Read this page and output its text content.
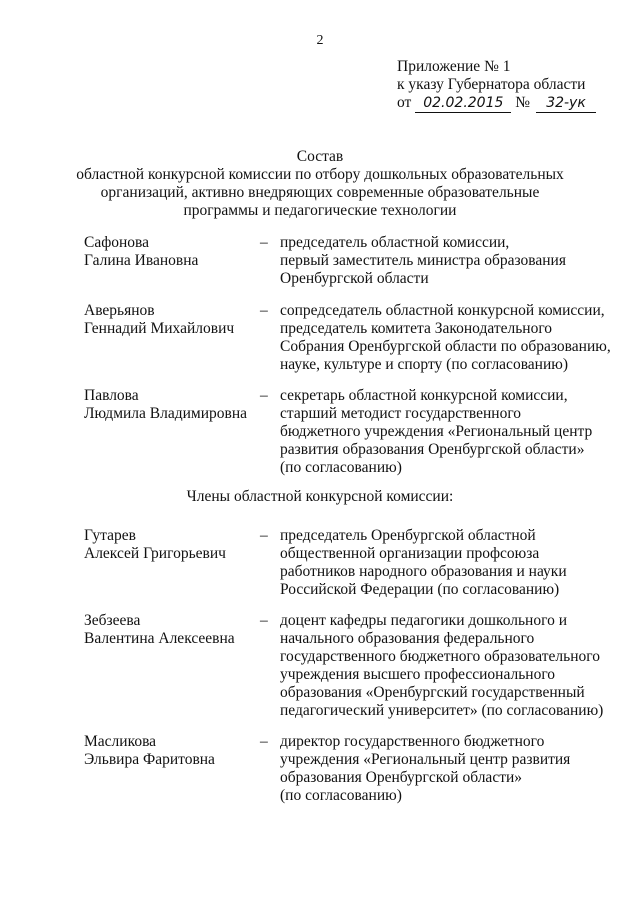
2
Приложение № 1
к указу Губернатора области
от 02.02.2015 № 32-ук
Состав
областной конкурсной комиссии по отбору дошкольных образовательных
организаций, активно внедряющих современные образовательные
программы и педагогические технологии
Сафонова
Галина Ивановна
– председатель областной комиссии,
первый заместитель министра образования
Оренбургской области
Аверьянов
Геннадий Михайлович
– сопредседатель областной конкурсной комиссии,
председатель комитета Законодательного
Собрания Оренбургской области по образованию,
науке, культуре и спорту (по согласованию)
Павлова
Людмила Владимировна
– секретарь областной конкурсной комиссии,
старший методист государственного
бюджетного учреждения «Региональный центр
развития образования Оренбургской области»
(по согласованию)
Члены областной конкурсной комиссии:
Гутарев
Алексей Григорьевич
– председатель Оренбургской областной
общественной организации профсоюза
работников народного образования и науки
Российской Федерации (по согласованию)
Зебзеева
Валентина Алексеевна
– доцент кафедры педагогики дошкольного и
начального образования федерального
государственного бюджетного образовательного
учреждения высшего профессионального
образования «Оренбургский государственный
педагогический университет» (по согласованию)
Масликова
Эльвира Фаритовна
– директор государственного бюджетного
учреждения «Региональный центр развития
образования Оренбургской области»
(по согласованию)
